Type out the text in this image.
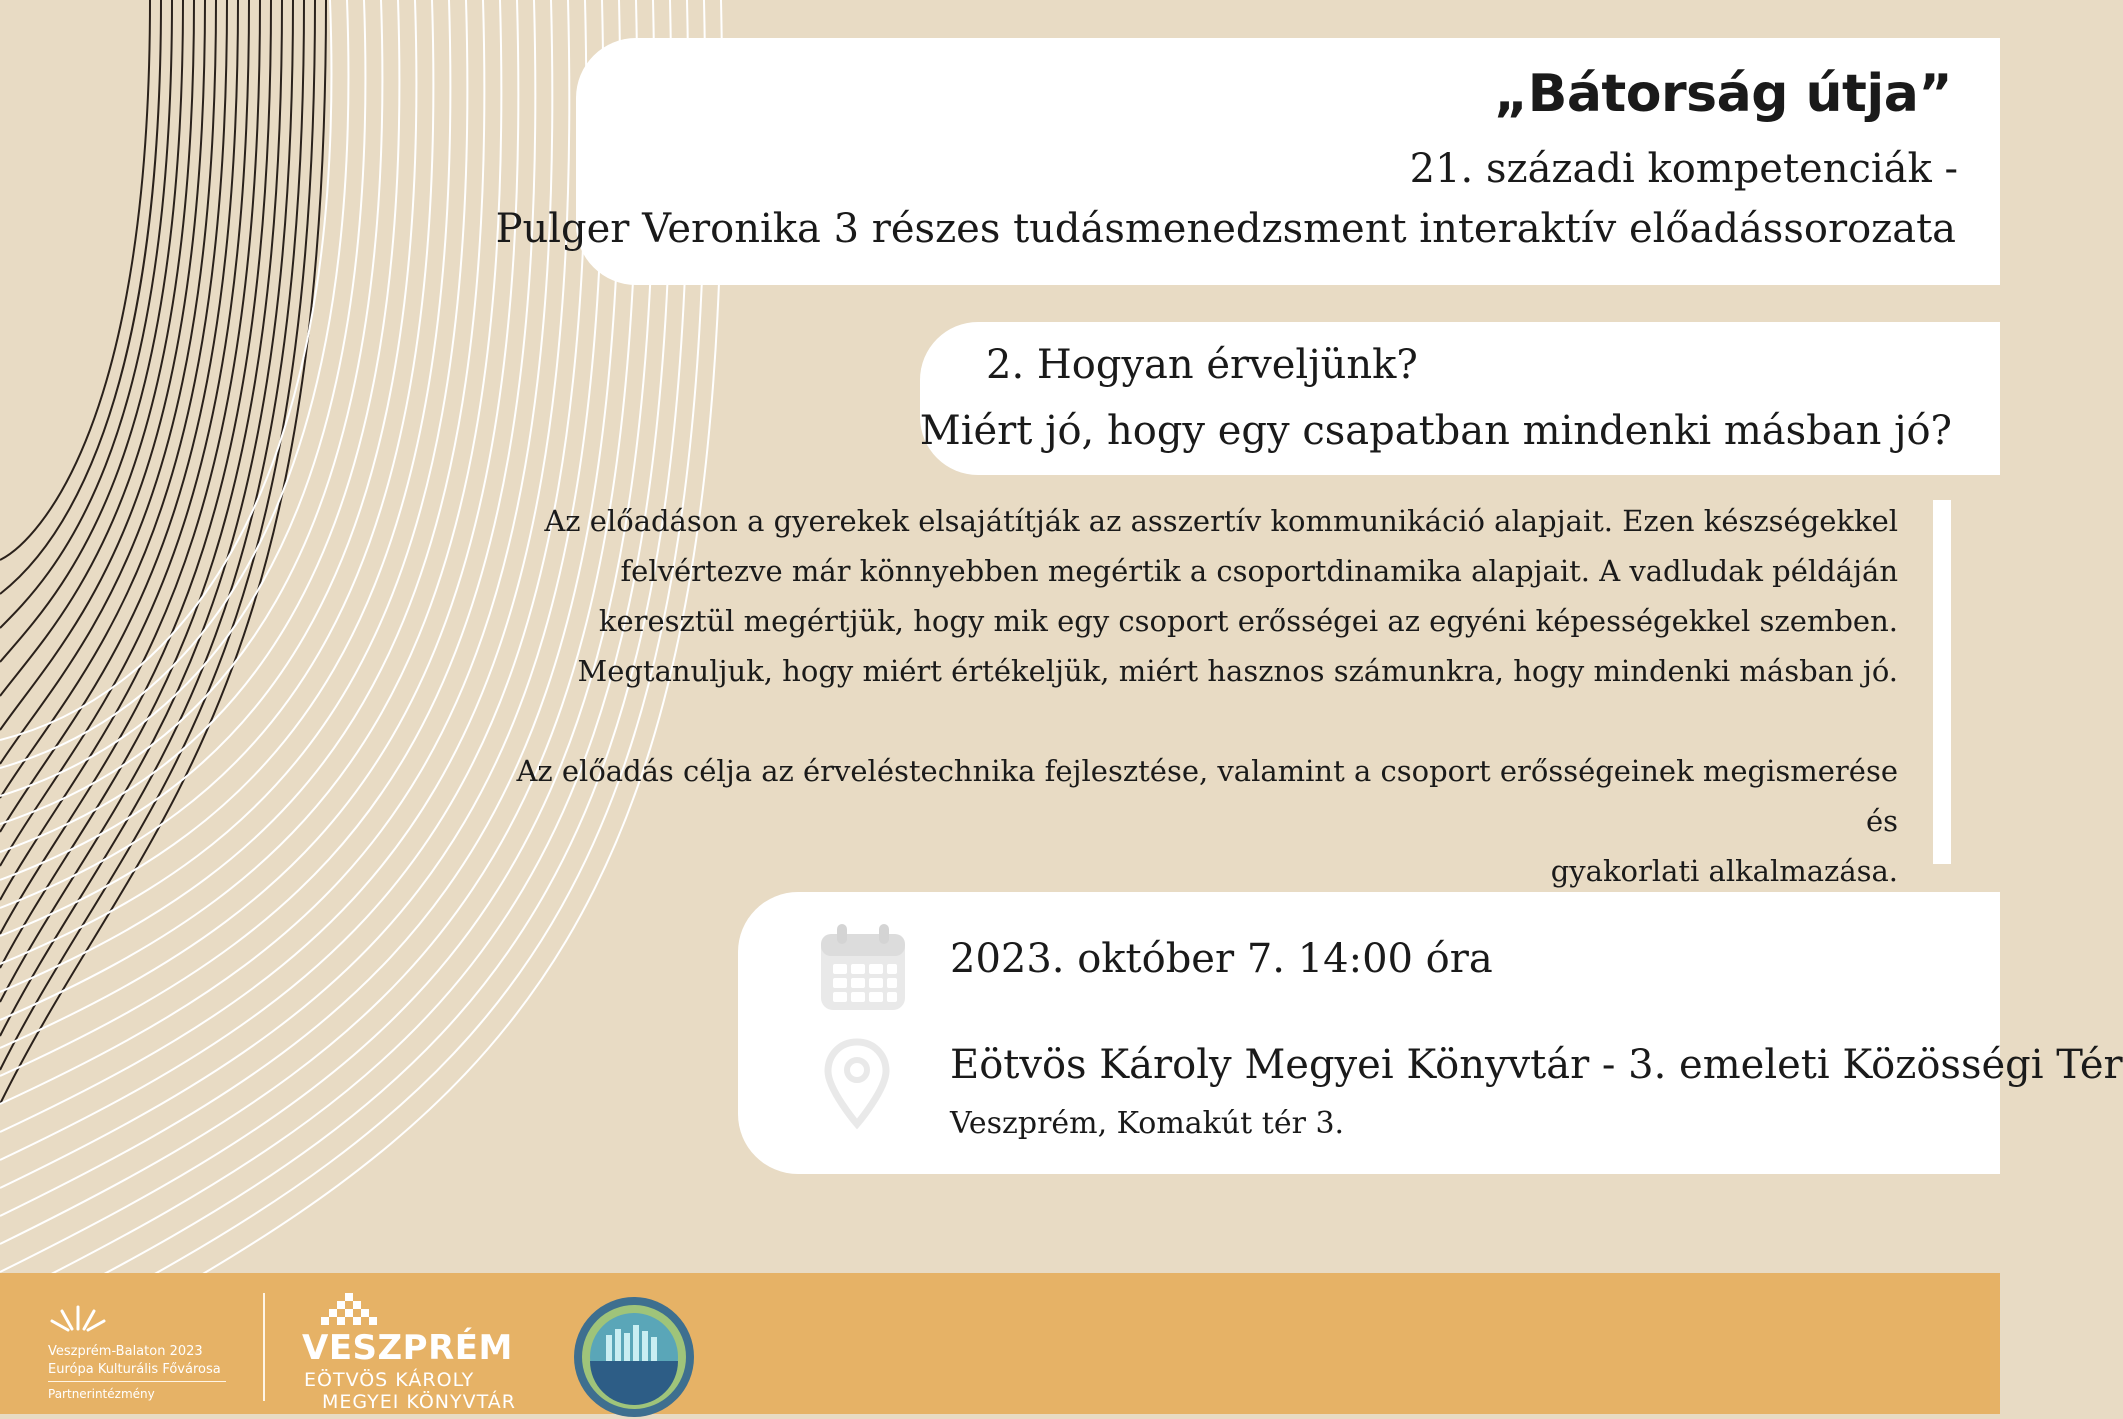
„Bátorság útja”
21. századi kompetenciák -
Pulger Veronika 3 részes tudásmenedzsment interaktív előadássorozata
2. Hogyan érveljünk?
Miért jó, hogy egy csapatban mindenki másban jó?

Az előadáson a gyerekek elsajátítják az asszertív kommunikáció alapjait. Ezen készségekkel

felvértezve már könnyebben megértik a csoportdinamika alapjait. A vadludak példáján

keresztül megértjük, hogy mik egy csoport erősségei az egyéni képességekkel szemben.

Megtanuljuk, hogy miért értékeljük, miért hasznos számunkra, hogy mindenki másban jó.

Az előadás célja az érveléstechnika fejlesztése, valamint a csoport erősségeinek megismerése és

gyakorlati alkalmazása.

2023. október 7. 14:00 óra
Eötvös Károly Megyei Könyvtár - 3. emeleti Közösségi Tér
Veszprém, Komakút tér 3.
Veszprém-Balaton 2023
Európa Kulturális Fővárosa
Partnerintézmény
VESZPRÉM
EÖTVÖS KÁROLY
MEGYEI KÖNYVTÁR
